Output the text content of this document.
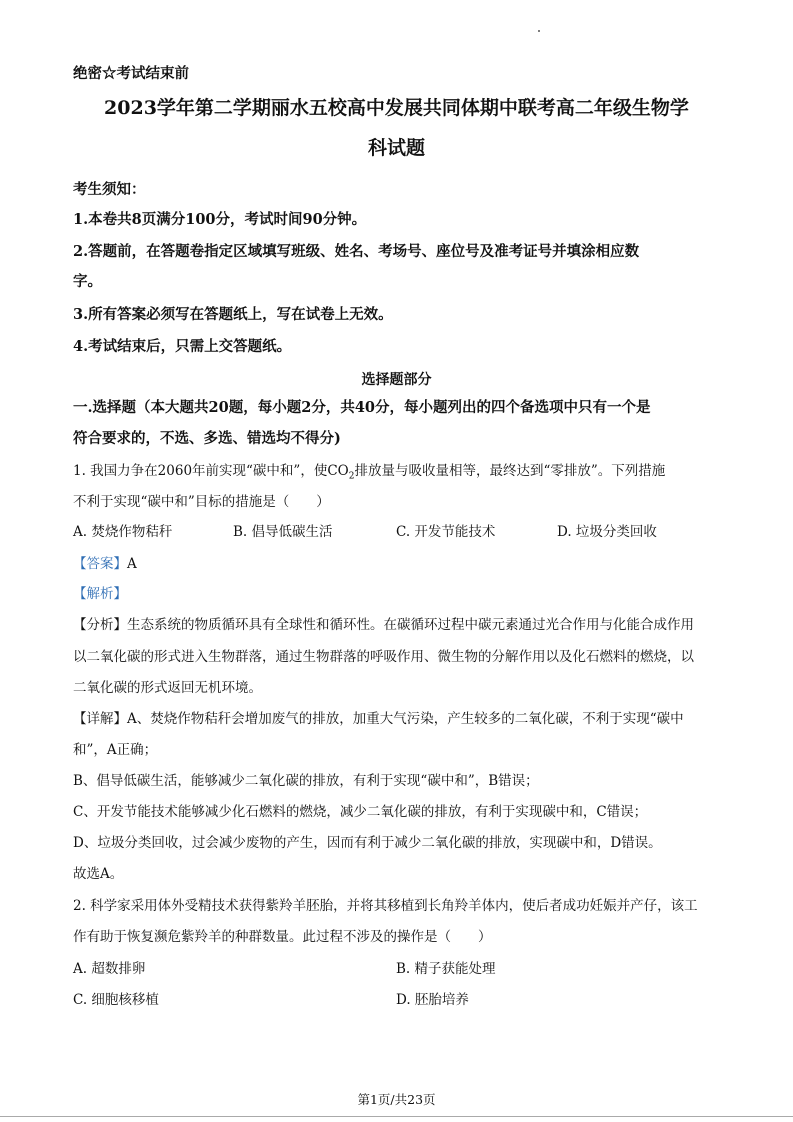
绝密☆考试结束前
2023学年第二学期丽水五校高中发展共同体期中联考高二年级生物学
科试题
考生须知：
1.本卷共8页满分100分，考试时间90分钟。
2.答题前，在答题卷指定区域填写班级、姓名、考场号、座位号及准考证号并填涂相应数
字。
3.所有答案必须写在答题纸上，写在试卷上无效。
4.考试结束后，只需上交答题纸。
选择题部分
一.选择题（本大题共20题，每小题2分，共40分，每小题列出的四个备选项中只有一个是
符合要求的，不选、多选、错选均不得分)
1. 我国力争在2060年前实现“碳中和”，使$CO_2$排放量与吸收量相等，最终达到“零排放”。下列措施
不利于实现“碳中和”目标的措施是（　　）
A. 焚烧作物秸秆	B. 倡导低碳生活	C. 开发节能技术	D. 垃圾分类回收
【答案】A
【解析】
【分析】生态系统的物质循环具有全球性和循环性。在碳循环过程中碳元素通过光合作用与化能合成作用
以二氧化碳的形式进入生物群落，通过生物群落的呼吸作用、微生物的分解作用以及化石燃料的燃烧，以
二氧化碳的形式返回无机环境。
【详解】A、焚烧作物秸秆会增加废气的排放，加重大气污染，产生较多的二氧化碳，不利于实现“碳中
和”，A正确；
B、倡导低碳生活，能够减少二氧化碳的排放，有利于实现“碳中和”，B错误；
C、开发节能技术能够减少化石燃料的燃烧，减少二氧化碳的排放，有利于实现碳中和，C错误；
D、垃圾分类回收，过会减少废物的产生，因而有利于减少二氧化碳的排放，实现碳中和，D错误。
故选A。
2. 科学家采用体外受精技术获得紫羚羊胚胎，并将其移植到长角羚羊体内，使后者成功妊娠并产仔，该工
作有助于恢复濒危紫羚羊的种群数量。此过程不涉及的操作是（　　）
A. 超数排卵	B. 精子获能处理
C. 细胞核移植	D. 胚胎培养
第1页/共23页
